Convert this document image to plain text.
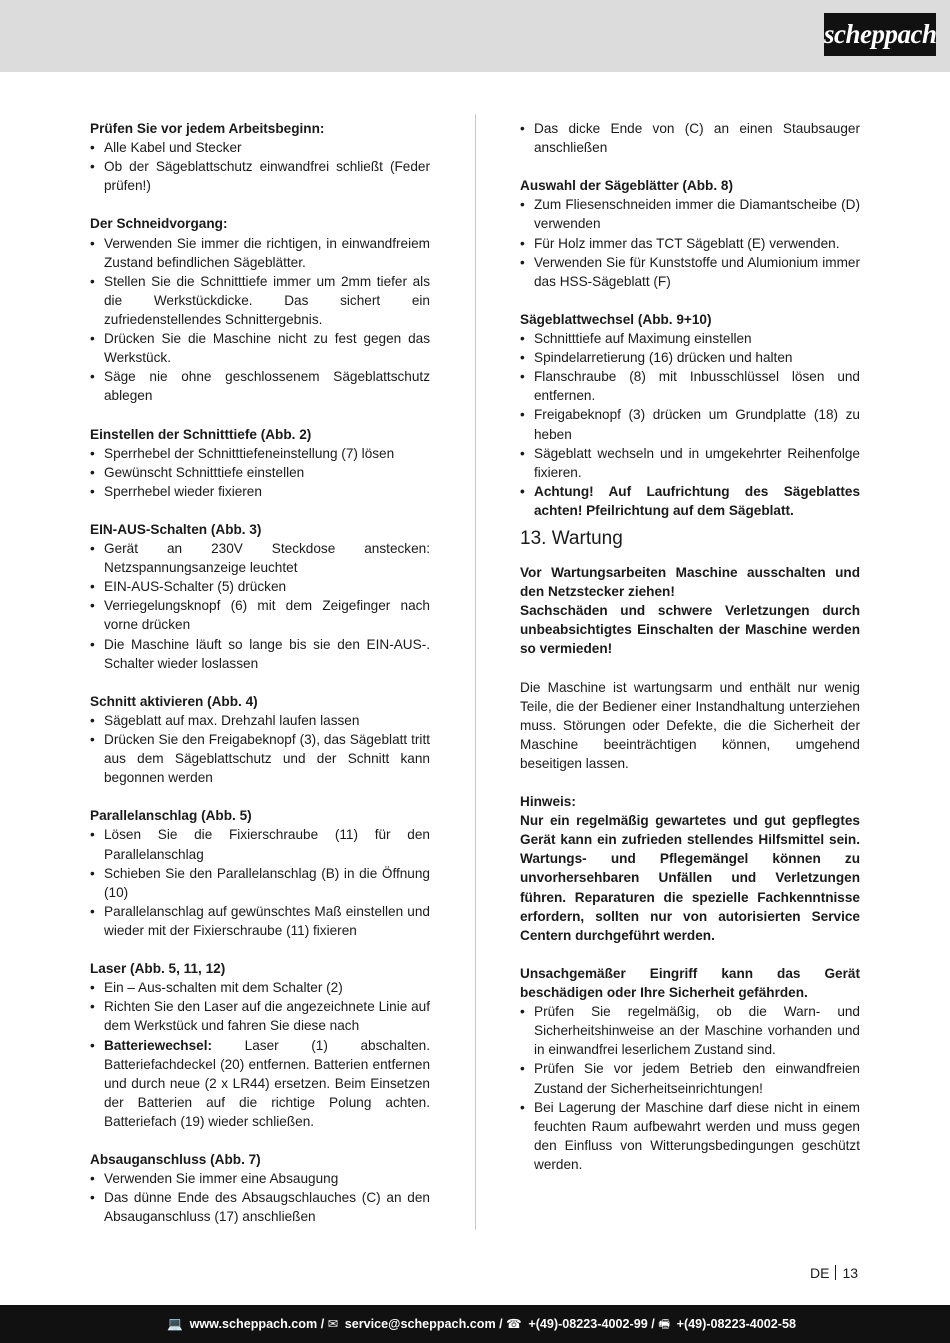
scheppach
Prüfen Sie vor jedem Arbeitsbeginn:
• Alle Kabel und Stecker
• Ob der Sägeblattschutz einwandfrei schließt (Feder prüfen!)
Der Schneidvorgang:
• Verwenden Sie immer die richtigen, in einwandfreiem Zustand befindlichen Sägeblätter.
• Stellen Sie die Schnitttiefe immer um 2mm tiefer als die Werkstückdicke. Das sichert ein zufriedenstellendes Schnittergebnis.
• Drücken Sie die Maschine nicht zu fest gegen das Werkstück.
• Säge nie ohne geschlossenem Sägeblattschutz ablegen
Einstellen der Schnitttiefe (Abb. 2)
• Sperrhebel der Schnitttiefeneinstellung (7) lösen
• Gewünscht Schnitttiefe einstellen
• Sperrhebel wieder fixieren
EIN-AUS-Schalten (Abb. 3)
• Gerät an 230V Steckdose anstecken: Netzspannungsanzeige leuchtet
• EIN-AUS-Schalter (5) drücken
• Verriegelungsknopf (6) mit dem Zeigefinger nach vorne drücken
• Die Maschine läuft so lange bis sie den EIN-AUS-. Schalter wieder loslassen
Schnitt aktivieren (Abb. 4)
• Sägeblatt auf max. Drehzahl laufen lassen
• Drücken Sie den Freigabeknopf (3), das Sägeblatt tritt aus dem Sägeblattschutz und der Schnitt kann begonnen werden
Parallelanschlag (Abb. 5)
• Lösen Sie die Fixierschraube (11) für den Parallelanschlag
• Schieben Sie den Parallelanschlag (B) in die Öffnung (10)
• Parallelanschlag auf gewünschtes Maß einstellen und wieder mit der Fixierschraube (11) fixieren
Laser (Abb. 5, 11, 12)
• Ein – Aus-schalten mit dem Schalter (2)
• Richten Sie den Laser auf die angezeichnete Linie auf dem Werkstück und fahren Sie diese nach
• Batteriewechsel: Laser (1) abschalten. Batteriefachdeckel (20) entfernen. Batterien entfernen und durch neue (2 x LR44) ersetzen. Beim Einsetzen der Batterien auf die richtige Polung achten. Batteriefach (19) wieder schließen.
Absauganschluss (Abb. 7)
• Verwenden Sie immer eine Absaugung
• Das dünne Ende des Absaugschlauches (C) an den Absauganschluss (17) anschließen
• Das dicke Ende von (C) an einen Staubsauger anschließen
Auswahl der Sägeblätter (Abb. 8)
• Zum Fliesenschneiden immer die Diamantscheibe (D) verwenden
• Für Holz immer das TCT Sägeblatt (E) verwenden.
• Verwenden Sie für Kunststoffe und Alumionium immer das HSS-Sägeblatt (F)
Sägeblattwechsel (Abb. 9+10)
• Schnitttiefe auf Maximung einstellen
• Spindelarretierung (16) drücken und halten
• Flanschraube (8) mit Inbusschlüssel lösen und entfernen.
• Freigabeknopf (3) drücken um Grundplatte (18) zu heben
• Sägeblatt wechseln und in umgekehrter Reihenfolge fixieren.
• Achtung! Auf Laufrichtung des Sägeblattes achten! Pfeilrichtung auf dem Sägeblatt.
13. Wartung
Vor Wartungsarbeiten Maschine ausschalten und den Netzstecker ziehen!
Sachschäden und schwere Verletzungen durch unbeabsichtigtes Einschalten der Maschine werden so vermieden!
Die Maschine ist wartungsarm und enthält nur wenig Teile, die der Bediener einer Instandhaltung unterziehen muss. Störungen oder Defekte, die die Sicherheit der Maschine beeinträchtigen können, umgehend beseitigen lassen.
Hinweis:
Nur ein regelmäßig gewartetes und gut gepflegtes Gerät kann ein zufrieden stellendes Hilfsmittel sein. Wartungs- und Pflegemängel können zu unvorhersehbaren Unfällen und Verletzungen führen. Reparaturen die spezielle Fachkenntnisse erfordern, sollten nur von autorisierten Service Centern durchgeführt werden.
Unsachgemäßer Eingriff kann das Gerät beschädigen oder Ihre Sicherheit gefährden.
• Prüfen Sie regelmäßig, ob die Warn- und Sicherheitshinweise an der Maschine vorhanden und in einwandfrei leserlichem Zustand sind.
• Prüfen Sie vor jedem Betrieb den einwandfreien Zustand der Sicherheitseinrichtungen!
• Bei Lagerung der Maschine darf diese nicht in einem feuchten Raum aufbewahrt werden und muss gegen den Einfluss von Witterungsbedingungen geschützt werden.
DE 13
💻 www.scheppach.com / ✉ service@scheppach.com / ☎ +(49)-08223-4002-99 / 🖷 +(49)-08223-4002-58
